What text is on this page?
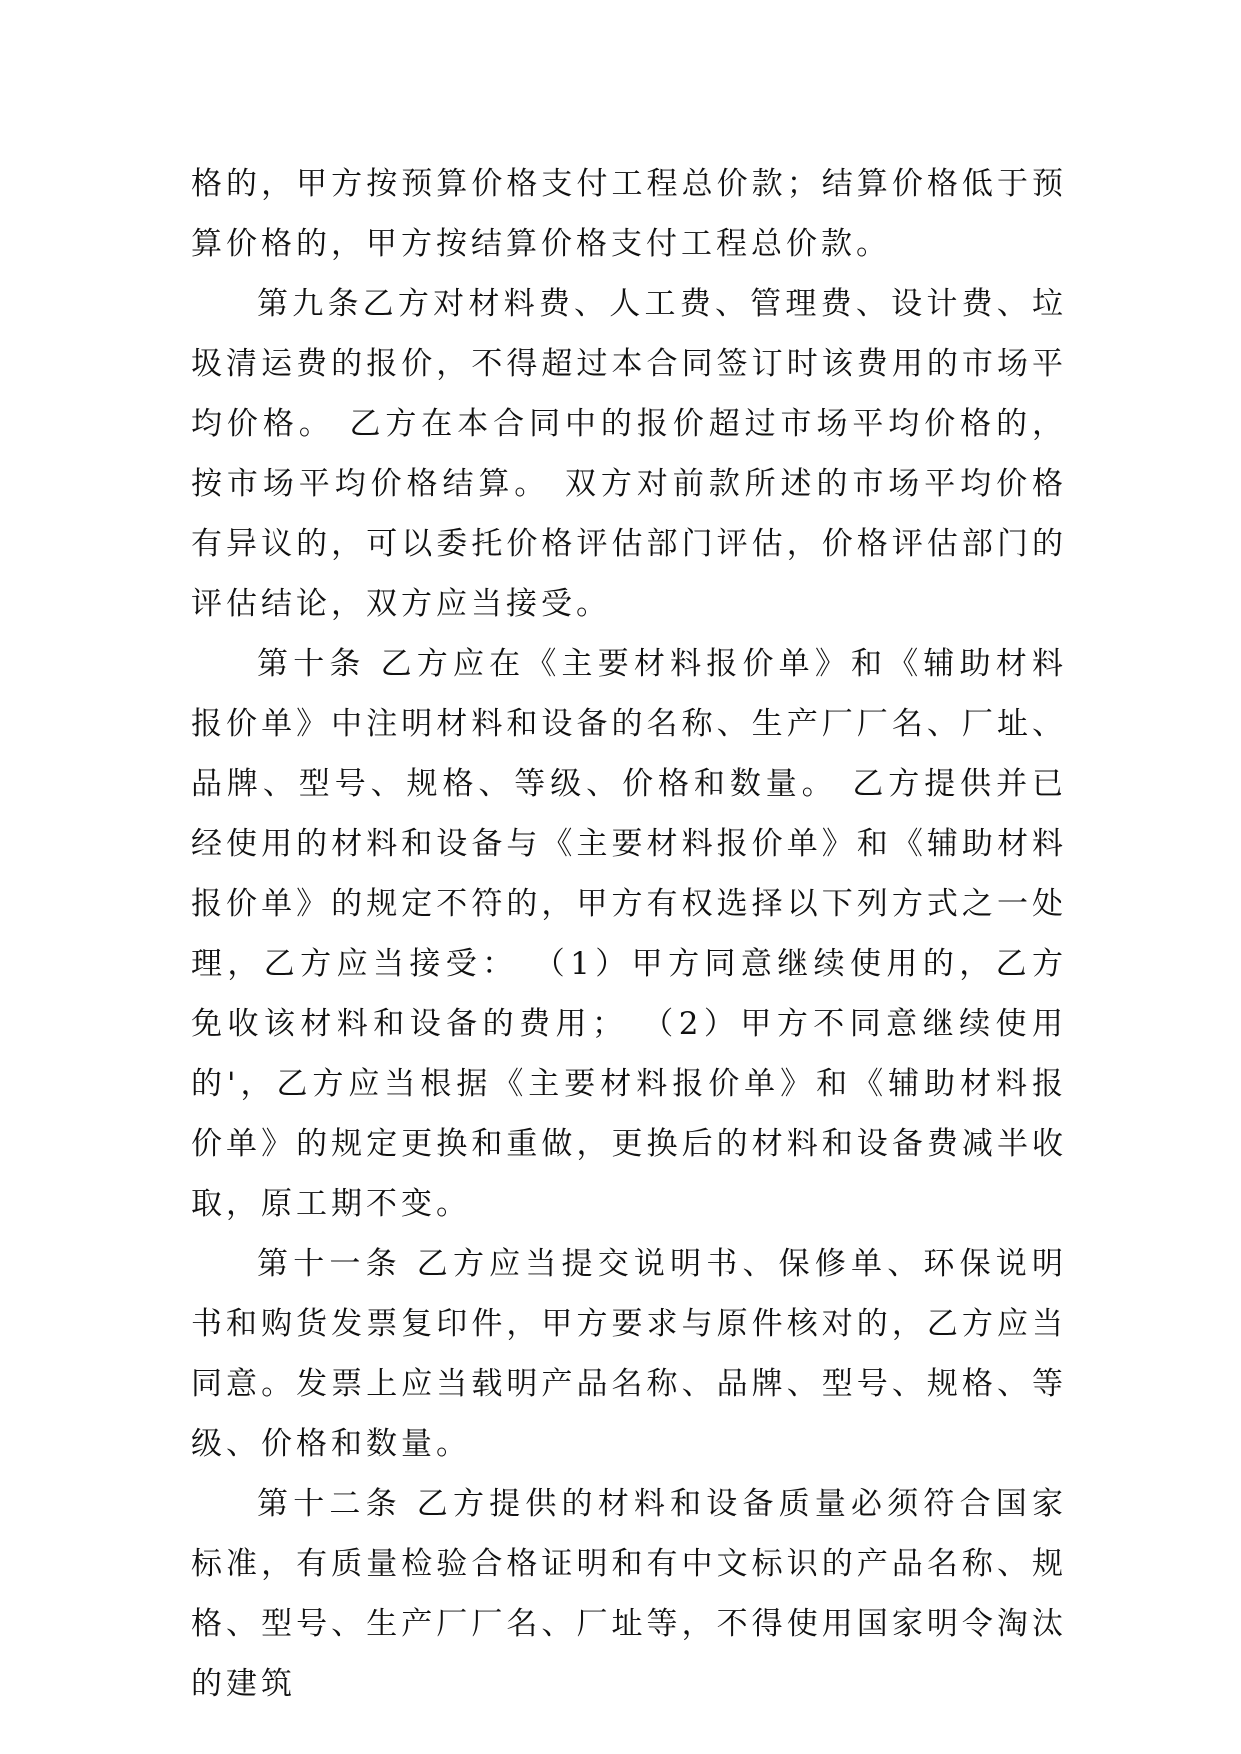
格的，甲方按预算价格支付工程总价款；结算价格低于预算价格的，甲方按结算价格支付工程总价款。

第九条乙方对材料费、人工费、管理费、设计费、垃圾清运费的报价，不得超过本合同签订时该费用的市场平均价格。 乙方在本合同中的报价超过市场平均价格的，按市场平均价格结算。 双方对前款所述的市场平均价格有异议的，可以委托价格评估部门评估，价格评估部门的评估结论，双方应当接受。

第十条 乙方应在《主要材料报价单》和《辅助材料报价单》中注明材料和设备的名称、生产厂厂名、厂址、品牌、型号、规格、等级、价格和数量。 乙方提供并已经使用的材料和设备与《主要材料报价单》和《辅助材料报价单》的规定不符的，甲方有权选择以下列方式之一处理，乙方应当接受： （1）甲方同意继续使用的，乙方免收该材料和设备的费用； （2）甲方不同意继续使用的'，乙方应当根据《主要材料报价单》和《辅助材料报价单》的规定更换和重做，更换后的材料和设备费减半收取，原工期不变。

第十一条 乙方应当提交说明书、保修单、环保说明书和购货发票复印件，甲方要求与原件核对的，乙方应当同意。发票上应当载明产品名称、品牌、型号、规格、等级、价格和数量。

第十二条 乙方提供的材料和设备质量必须符合国家标准，有质量检验合格证明和有中文标识的产品名称、规格、型号、生产厂厂名、厂址等，不得使用国家明令淘汰的建筑
